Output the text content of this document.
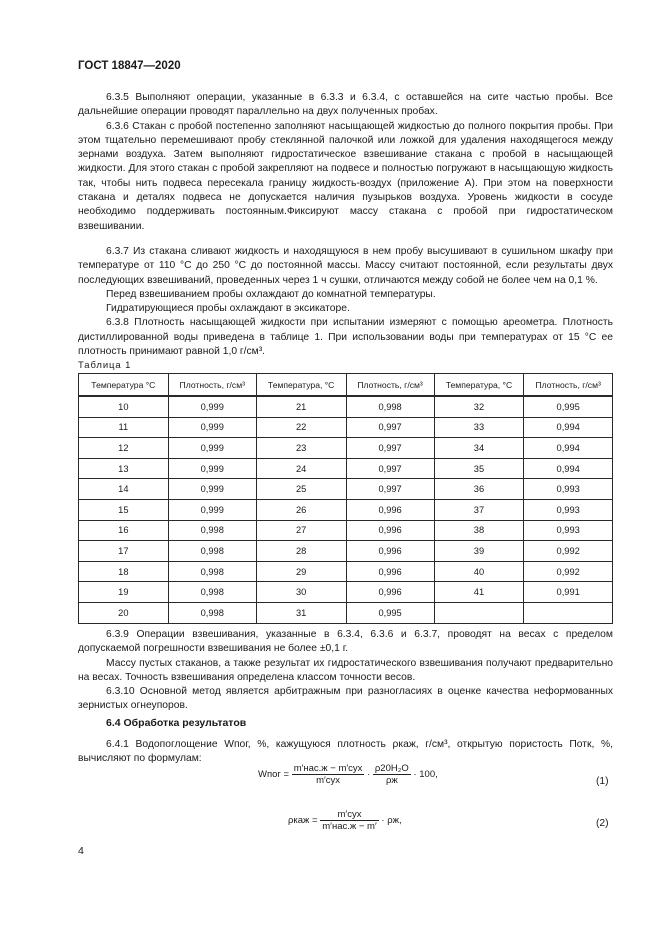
ГОСТ 18847—2020

6.3.5 Выполняют операции, указанные в 6.3.3 и 6.3.4, с оставшейся на сите частью пробы. Все дальнейшие операции проводят параллельно на двух полученных пробах.

6.3.6 Стакан с пробой постепенно заполняют насыщающей жидкостью до полного покрытия пробы. При этом тщательно перемешивают пробу стеклянной палочкой или ложкой для удаления находящегося между зернами воздуха. Затем выполняют гидростатическое взвешивание стакана с пробой в насыщающей жидкости. Для этого стакан с пробой закрепляют на подвесе и полностью погружают в насыщающую жидкость так, чтобы нить подвеса пересекала границу жидкость-воздух (приложение А). При этом на поверхности стакана и деталях подвеса не допускается наличия пузырьков воздуха. Уровень жидкости в сосуде необходимо поддерживать постоянным.Фиксируют массу стакана с пробой при гидростатическом взвешивании.

6.3.7 Из стакана сливают жидкость и находящуюся в нем пробу высушивают в сушильном шкафу при температуре от 110 °С до 250 °С до постоянной массы. Массу считают постоянной, если результаты двух последующих взвешиваний, проведенных через 1 ч сушки, отличаются между собой не более чем на 0,1 %.

Перед взвешиванием пробы охлаждают до комнатной температуры.

Гидратирующиеся пробы охлаждают в эксикаторе.

6.3.8 Плотность насыщающей жидкости при испытании измеряют с помощью ареометра. Плотность дистиллированной воды приведена в таблице 1. При использовании воды при температурах от 15 °С ее плотность принимают равной 1,0 г/см³.

Таблица 1
Температура °С	Плотность, г/см³	Температура, °С	Плотность, г/см³	Температура, °С	Плотность, г/см³
10	0,999	21	0,998	32	0,995
11	0,999	22	0,997	33	0,994
12	0,999	23	0,997	34	0,994
13	0,999	24	0,997	35	0,994
14	0,999	25	0,997	36	0,993
15	0,999	26	0,996	37	0,993
16	0,998	27	0,996	38	0,993
17	0,998	28	0,996	39	0,992
18	0,998	29	0,996	40	0,992
19	0,998	30	0,996	41	0,991
20	0,998	31	0,995		

6.3.9 Операции взвешивания, указанные в 6.3.4, 6.3.6 и 6.3.7, проводят на весах с пределом допускаемой погрешности взвешивания не более ±0,1 г.

Массу пустых стаканов, а также результат их гидростатического взвешивания получают предварительно на весах. Точность взвешивания определена классом точности весов.

6.3.10 Основной метод является арбитражным при разногласиях в оценке качества неформованных зернистых огнеупоров.

6.4 Обработка результатов
6.4.1 Водопоглощение Wпог, %, кажущуюся плотность ρкаж, г/см³, открытую пористость Потк, %, вычисляют по формулам:
Wпог = $\frac{\text{m′нас.ж − m′сух}}{\text{m′сух}} \cdot \frac{\text{ρ20H₂O}}{\rho ж} \cdot 100$,
(1)
$\rho каж = \frac{\text{m′сух}}{\text{m′нас.ж − m′}} \cdot \rho ж$,	(2)
4
